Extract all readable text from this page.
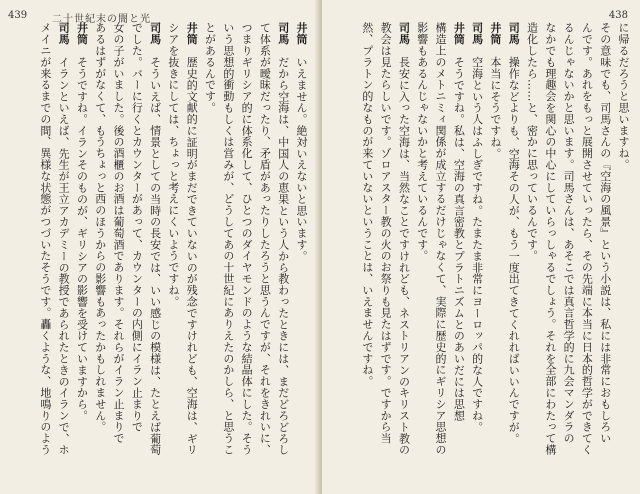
439 二十世紀末の闇と光
井筒　いえません。絶対いえないと思います。
司馬　だから空海は、中国人の恵果という人から教わったときには、まだどろどろし
て体系が曖昧だったり、矛盾があったりしたろうと思うんですが、それをきれいに、
つまりギリシア的に体系化して、ひとつのダイヤモンドのような結晶体にした。そう
いう思想的衝動もしくは営みが、どうしてあの十世紀にありえたのかしら、と思うこ
とがあるんです。
井筒　歴史的文献的に証明がまだできていないのが残念ですけれども、空海は、ギリ
シアを抜きにしては、ちょっと考えにくいようですね。
司馬　そういえば、情景としての当時の長安では、いい感じの模様は、たとえば葡萄
でした。バーに行くとカウンターがあって、カウンターの内側にイラン止まりで
女の子がいました。後の酒櫃のお酒は葡萄酒であります。それらがイラン止まりで
あるはずがなくて、もうちょっと西のほうからの影響もあったかもしれません。
井筒　そうですね。イランそのものが、ギリシアの影響を受けていますから。
司馬　イランといえば、先生が王立アカデミーの教授であられたときのイランで、ホ
メイニが来るまでの間、異様な状態がつづいたそうです。轟くような、地鳴りのよう
438
に帰るだろうと思いますね。
その意味でも、司馬さんの『空海の風景』という小説は、私には非常におもしろい
んです。あれをもっと展開させていったら、その先端に本当に日本的哲学ができてく
るんじゃないかと思います。司馬さんは、あそこでは真言哲学的に九会マンダラの
なかでも理趣会を関心の中心にしていらっしゃるでしょう。それを全部にわたって構
造化したら……と、密かに思っているんです。
司馬　操作などよりも、空海その人が、もう一度出てきてくれればいいんですが。
井筒　本当にそうですね。
司馬　空海という人はふしぎですね。たまたま非常にヨーロッパ的な人ですね。
井筒　そうですね。私は、空海の真言密教とプラトニズムとのあいだには思想
構造上のメトニミィ関係が成立するだけじゃなくて、実際に歴史的にギリシア思想の
影響もあるんじゃないかと考えているんです。
司馬　長安に入った空海は、当然なことですけれども、ネストリアンのキリスト教の
教会は見たらしいです。ゾロアスター教の火のお祭りも見たはずです。ですから当
然、プラトン的なものが来ていないということは、いえませんですね。
